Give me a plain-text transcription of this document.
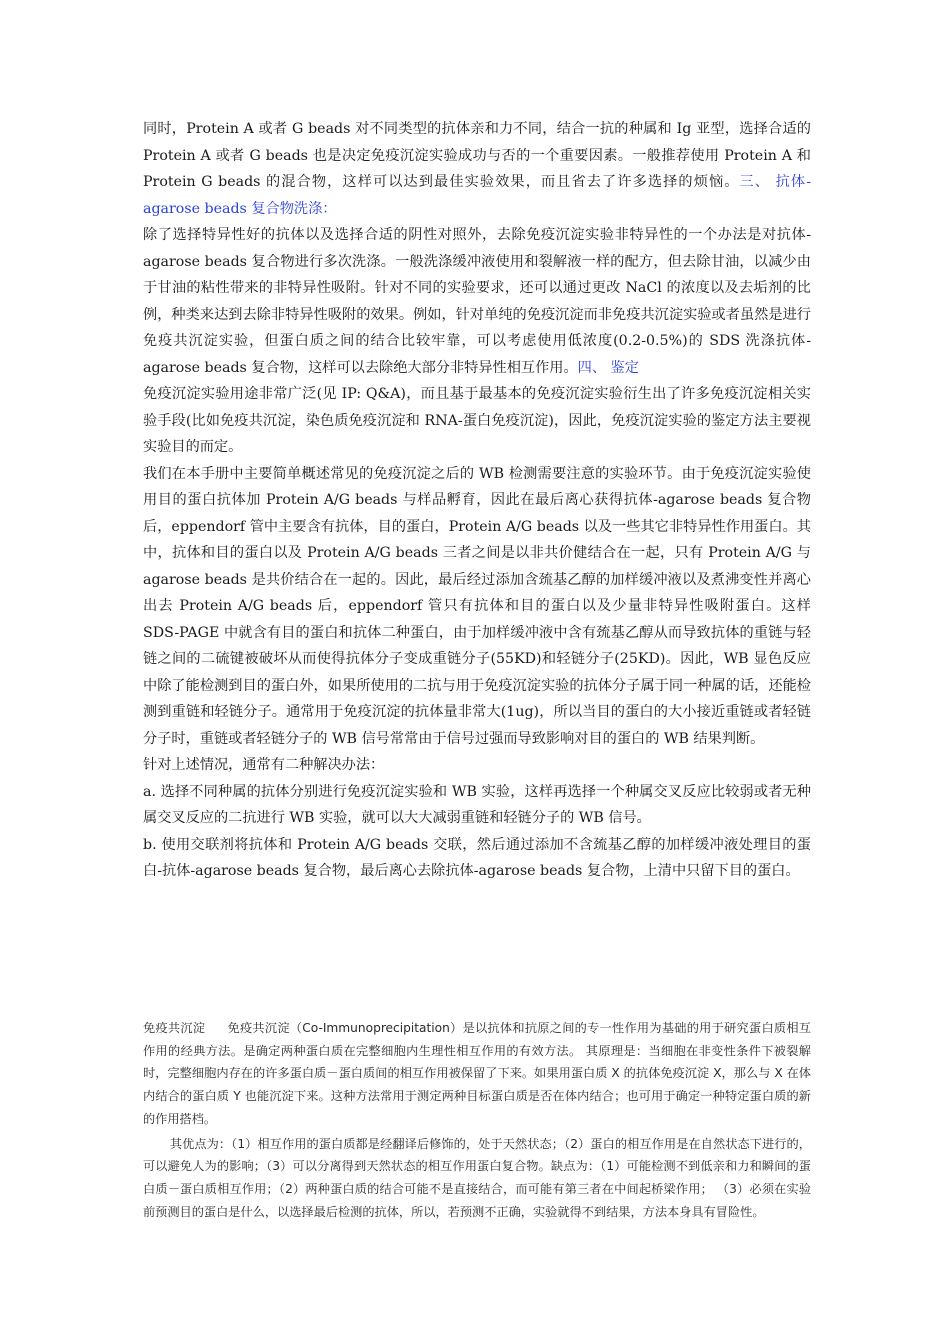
同时，Protein A 或者 G beads 对不同类型的抗体亲和力不同，结合一抗的种属和 Ig 亚型，选择合适的 Protein A 或者 G beads 也是决定免疫沉淀实验成功与否的一个重要因素。一般推荐使用 Protein A 和 Protein G beads 的混合物，这样可以达到最佳实验效果，而且省去了许多选择的烦恼。三、 抗体-agarose beads 复合物洗涤：

除了选择特异性好的抗体以及选择合适的阴性对照外，去除免疫沉淀实验非特异性的一个办法是对抗体-agarose beads 复合物进行多次洗涤。一般洗涤缓冲液使用和裂解液一样的配方，但去除甘油，以减少由于甘油的粘性带来的非特异性吸附。针对不同的实验要求，还可以通过更改 NaCl 的浓度以及去垢剂的比例，种类来达到去除非特异性吸附的效果。例如，针对单纯的免疫沉淀而非免疫共沉淀实验或者虽然是进行免疫共沉淀实验，但蛋白质之间的结合比较牢靠，可以考虑使用低浓度(0.2-0.5%)的 SDS 洗涤抗体-agarose beads 复合物，这样可以去除绝大部分非特异性相互作用。四、 鉴定

免疫沉淀实验用途非常广泛(见 IP: Q&A)，而且基于最基本的免疫沉淀实验衍生出了许多免疫沉淀相关实验手段(比如免疫共沉淀，染色质免疫沉淀和 RNA-蛋白免疫沉淀)，因此，免疫沉淀实验的鉴定方法主要视实验目的而定。

我们在本手册中主要简单概述常见的免疫沉淀之后的 WB 检测需要注意的实验环节。由于免疫沉淀实验使用目的蛋白抗体加 Protein A/G beads 与样品孵育，因此在最后离心获得抗体-agarose beads 复合物后，eppendorf 管中主要含有抗体，目的蛋白，Protein A/G beads 以及一些其它非特异性作用蛋白。其中，抗体和目的蛋白以及 Protein A/G beads 三者之间是以非共价健结合在一起，只有 Protein A/G 与 agarose beads 是共价结合在一起的。因此，最后经过添加含巯基乙醇的加样缓冲液以及煮沸变性并离心出去 Protein A/G beads 后，eppendorf 管只有抗体和目的蛋白以及少量非特异性吸附蛋白。这样 SDS-PAGE 中就含有目的蛋白和抗体二种蛋白，由于加样缓冲液中含有巯基乙醇从而导致抗体的重链与轻链之间的二硫键被破坏从而使得抗体分子变成重链分子(55KD)和轻链分子(25KD)。因此，WB 显色反应中除了能检测到目的蛋白外，如果所使用的二抗与用于免疫沉淀实验的抗体分子属于同一种属的话，还能检测到重链和轻链分子。通常用于免疫沉淀的抗体量非常大(1ug)，所以当目的蛋白的大小接近重链或者轻链分子时，重链或者轻链分子的 WB 信号常常由于信号过强而导致影响对目的蛋白的 WB 结果判断。

针对上述情况，通常有二种解决办法：

a. 选择不同种属的抗体分别进行免疫沉淀实验和 WB 实验，这样再选择一个种属交叉反应比较弱或者无种属交叉反应的二抗进行 WB 实验，就可以大大减弱重链和轻链分子的 WB 信号。

b. 使用交联剂将抗体和 Protein A/G beads 交联，然后通过添加不含巯基乙醇的加样缓冲液处理目的蛋白-抗体-agarose beads 复合物，最后离心去除抗体-agarose beads 复合物，上清中只留下目的蛋白。

免疫共沉淀 免疫共沉淀（Co-Immunoprecipitation）是以抗体和抗原之间的专一性作用为基础的用于研究蛋白质相互作用的经典方法。是确定两种蛋白质在完整细胞内生理性相互作用的有效方法。 其原理是：当细胞在非变性条件下被裂解时，完整细胞内存在的许多蛋白质－蛋白质间的相互作用被保留了下来。如果用蛋白质 X 的抗体免疫沉淀 X，那么与 X 在体内结合的蛋白质 Y 也能沉淀下来。这种方法常用于测定两种目标蛋白质是否在体内结合；也可用于确定一种特定蛋白质的新的作用搭档。

其优点为：（1）相互作用的蛋白质都是经翻译后修饰的，处于天然状态；（2）蛋白的相互作用是在自然状态下进行的，可以避免人为的影响；（3）可以分离得到天然状态的相互作用蛋白复合物。缺点为：（1）可能检测不到低亲和力和瞬间的蛋白质－蛋白质相互作用；（2）两种蛋白质的结合可能不是直接结合，而可能有第三者在中间起桥梁作用； （3）必须在实验前预测目的蛋白是什么，以选择最后检测的抗体，所以，若预测不正确，实验就得不到结果，方法本身具有冒险性。
